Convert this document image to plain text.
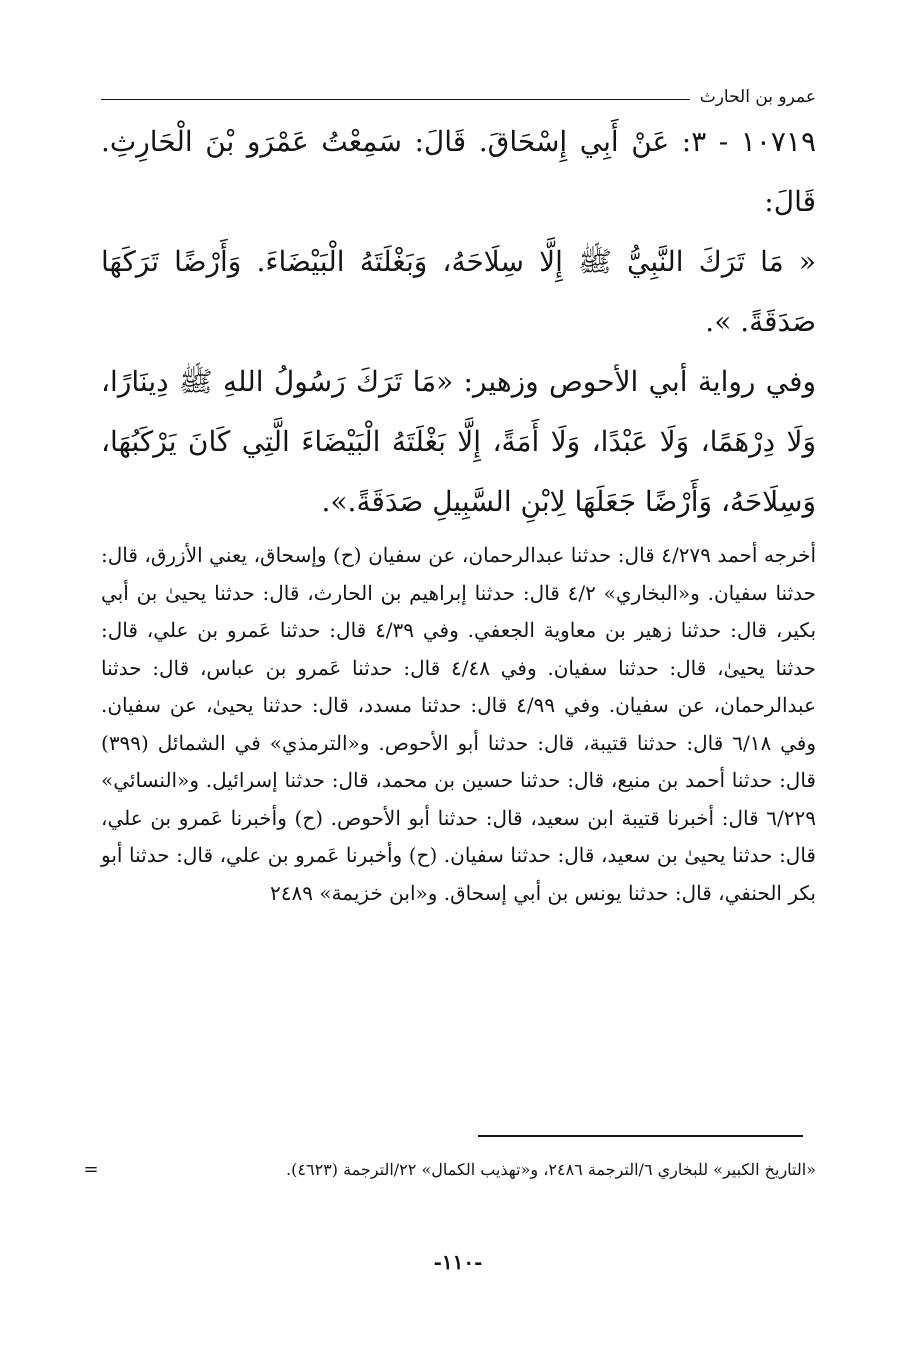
عمرو بن الحارث

١٠٧١٩ - ٣: عَنْ أَبِي إِسْحَاقَ. قَالَ: سَمِعْتُ عَمْرَو بْنَ الْحَارِثِ. قَالَ:

« مَا تَرَكَ النَّبِيُّ ﷺ إِلَّا سِلَاحَهُ، وَبَغْلَتَهُ الْبَيْضَاءَ. وَأَرْضًا تَرَكَهَا صَدَقَةً. ».

وفي رواية أبي الأحوص وزهير: «مَا تَرَكَ رَسُولُ اللهِ ﷺ دِينَارًا، وَلَا دِرْهَمًا، وَلَا عَبْدًا، وَلَا أَمَةً، إِلَّا بَغْلَتَهُ الْبَيْضَاءَ الَّتِي كَانَ يَرْكَبُهَا، وَسِلَاحَهُ، وَأَرْضًا جَعَلَهَا لِابْنِ السَّبِيلِ صَدَقَةً.».

أخرجه أحمد ٤/٢٧٩ قال: حدثنا عبدالرحمان، عن سفيان (ح) وإسحاق، يعني الأزرق، قال: حدثنا سفيان. و«البخاري» ٤/٢ قال: حدثنا إبراهيم بن الحارث، قال: حدثنا يحيىٰ بن أبي بكير، قال: حدثنا زهير بن معاوية الجعفي. وفي ٤/٣٩ قال: حدثنا عَمرو بن علي، قال: حدثنا يحيىٰ، قال: حدثنا سفيان. وفي ٤/٤٨ قال: حدثنا عَمرو بن عباس، قال: حدثنا عبدالرحمان، عن سفيان. وفي ٤/٩٩ قال: حدثنا مسدد، قال: حدثنا يحيىٰ، عن سفيان. وفي ٦/١٨ قال: حدثنا قتيبة، قال: حدثنا أبو الأحوص. و«الترمذي» في الشمائل (٣٩٩) قال: حدثنا أحمد بن منيع، قال: حدثنا حسين بن محمد، قال: حدثنا إسرائيل. و«النسائي» ٦/٢٢٩ قال: أخبرنا قتيبة ابن سعيد، قال: حدثنا أبو الأحوص. (ح) وأخبرنا عَمرو بن علي، قال: حدثنا يحيىٰ بن سعيد، قال: حدثنا سفيان. (ح) وأخبرنا عَمرو بن علي، قال: حدثنا أبو بكر الحنفي، قال: حدثنا يونس بن أبي إسحاق. و«ابن خزيمة» ٢٤٨٩

=	«التاريخ الكبير» للبخاري ٦/الترجمة ٢٤٨٦، و«تهذيب الكمال» ٢٢/الترجمة (٤٦٢٣).

-١١٠-
